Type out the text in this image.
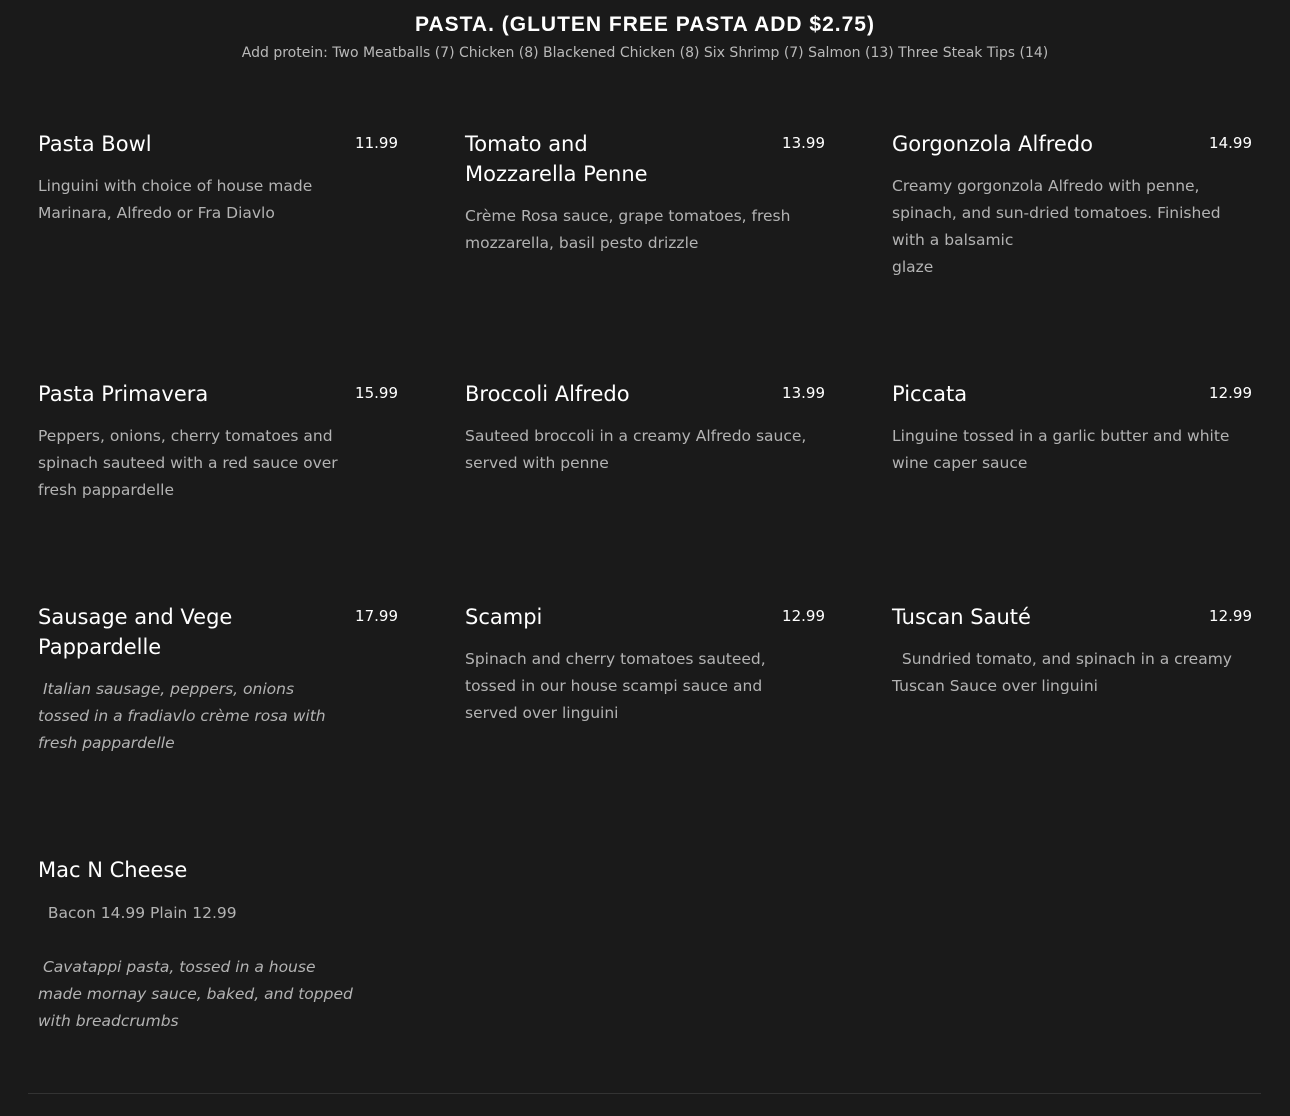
PASTA. (GLUTEN FREE PASTA ADD $2.75)
Add protein: Two Meatballs (7) Chicken (8) Blackened Chicken (8) Six Shrimp (7) Salmon (13) Three Steak Tips (14)
Pasta Bowl	11.99
Linguini with choice of house made
Marinara, Alfredo or Fra Diavlo
Tomato and
Mozzarella Penne
13.99
Crème Rosa sauce, grape tomatoes, fresh
mozzarella, basil pesto drizzle
Gorgonzola Alfredo	14.99
Creamy gorgonzola Alfredo with penne,
spinach, and sun-dried tomatoes. Finished
with a balsamic
glaze
Pasta Primavera	15.99
Peppers, onions, cherry tomatoes and
spinach sauteed with a red sauce over
fresh pappardelle
Broccoli Alfredo	13.99
Sauteed broccoli in a creamy Alfredo sauce,
served with penne
Piccata	12.99
Linguine tossed in a garlic butter and white
wine caper sauce
Sausage and Vege
Pappardelle
17.99
Italian sausage, peppers, onions
tossed in a fradiavlo crème rosa with
fresh pappardelle
Scampi	12.99
Spinach and cherry tomatoes sauteed,
tossed in our house scampi sauce and
served over linguini
Tuscan Sauté	12.99
Sundried tomato, and spinach in a creamy
Tuscan Sauce over linguini
Mac N Cheese
Bacon 14.99 Plain 12.99
Cavatappi pasta, tossed in a house
made mornay sauce, baked, and topped
with breadcrumbs
